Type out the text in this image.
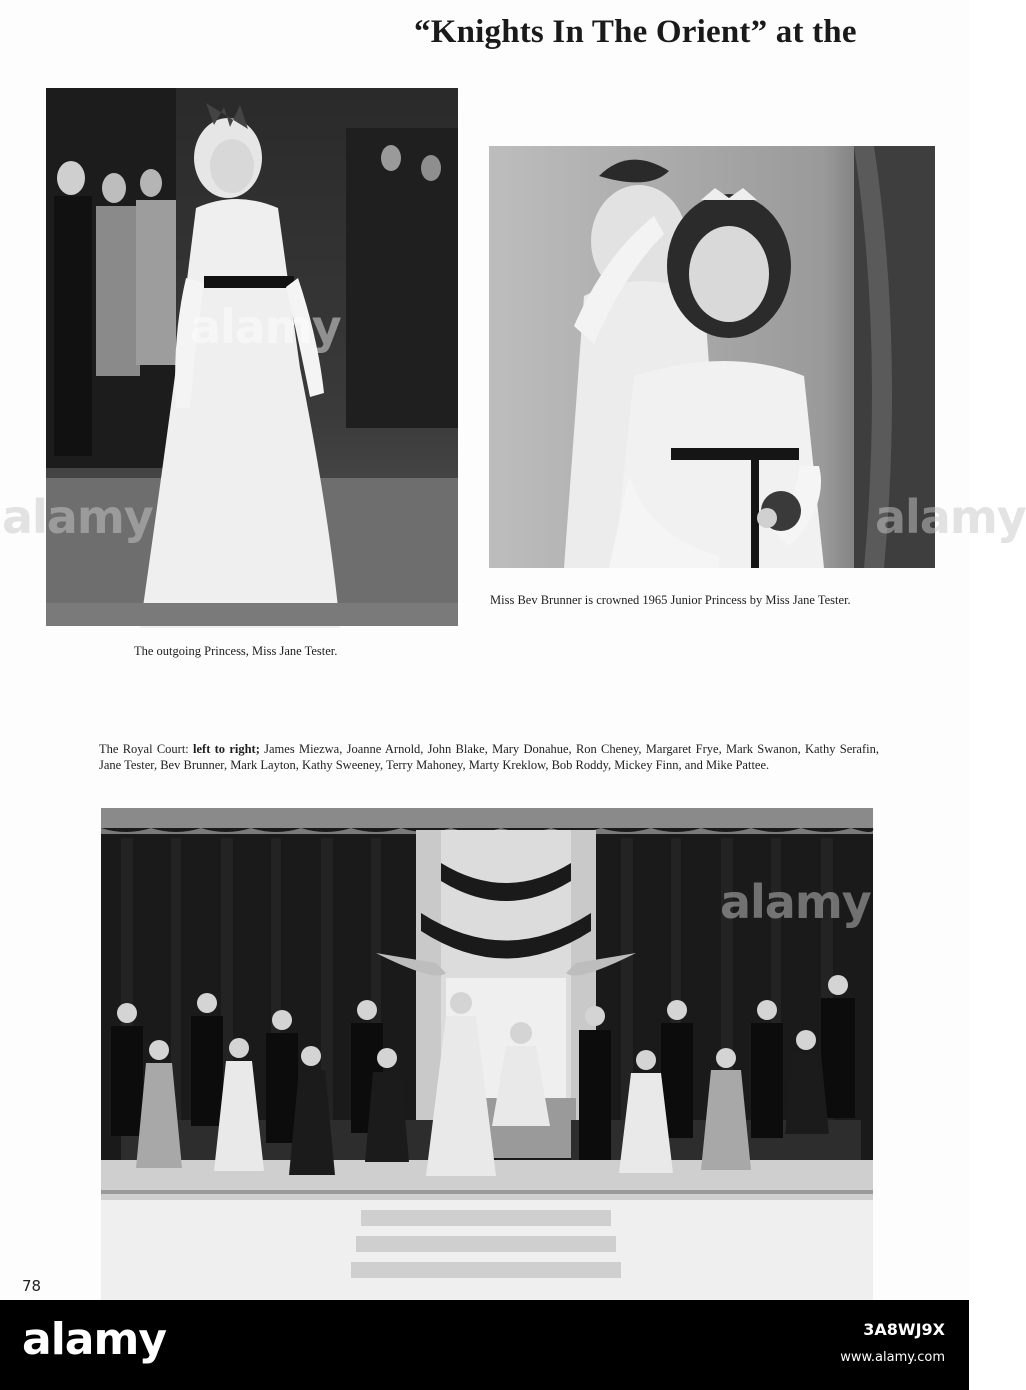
“Knights In The Orient” at the
Miss Bev Brunner is crowned 1965 Junior Princess by Miss Jane Tester.
The outgoing Princess, Miss Jane Tester.
The Royal Court: left to right; James Miezwa, Joanne Arnold, John Blake, Mary Donahue, Ron Cheney, Margaret Frye, Mark Swanon, Kathy Serafin, Jane Tester, Bev Brunner, Mark Layton, Kathy Sweeney, Terry Mahoney, Marty Kreklow, Bob Roddy, Mickey Finn, and Mike Pattee.
78
alamy
alamy	alamy
alamy
alamy	3A8WJ9X
www.alamy.com
